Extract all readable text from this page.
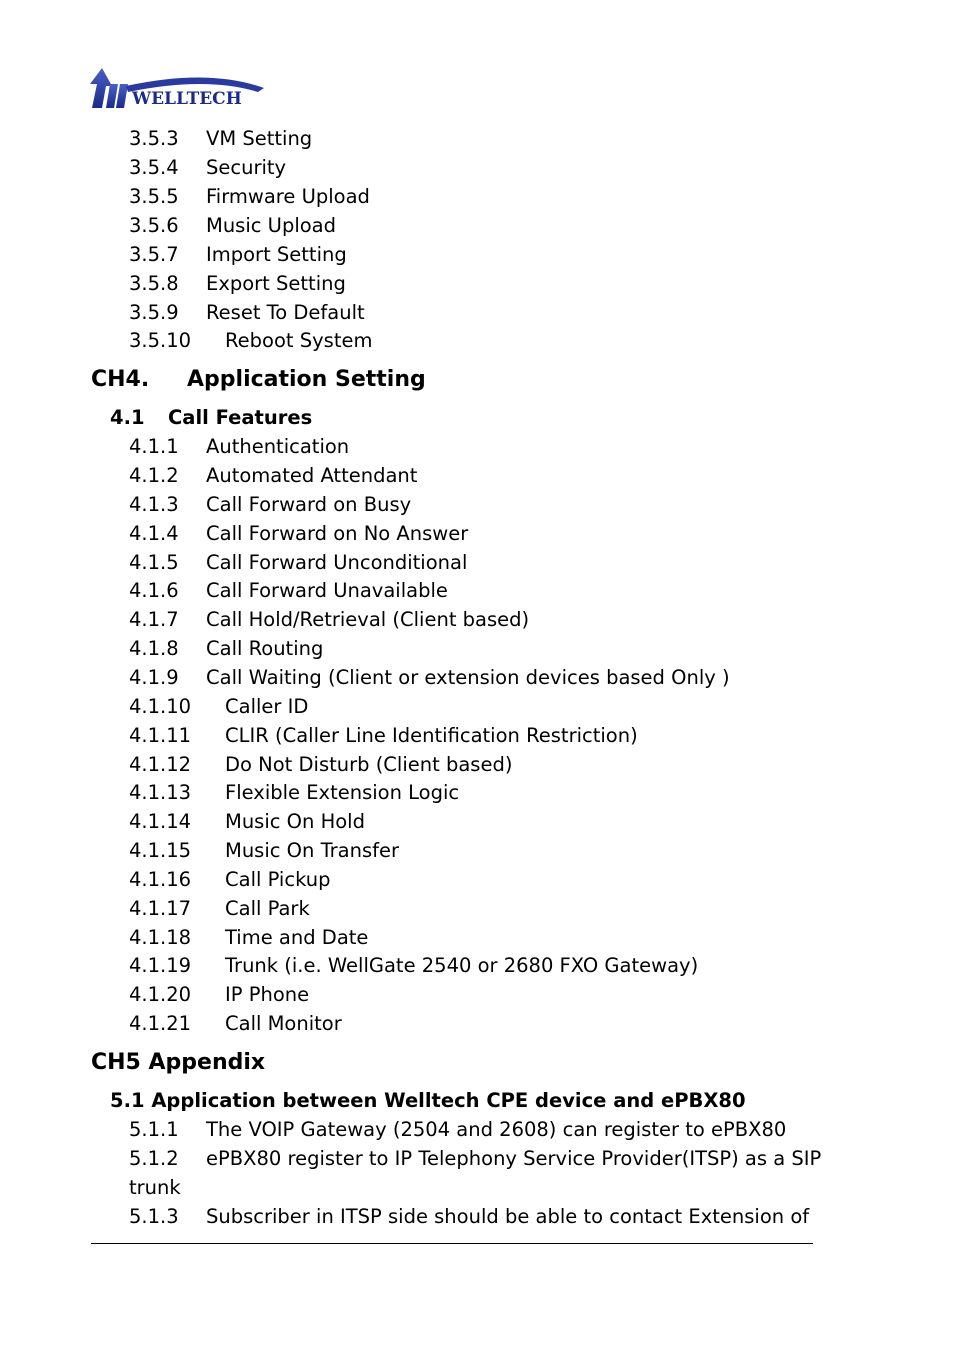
WELLTECH
3.5.3 VM Setting
3.5.4 Security
3.5.5 Firmware Upload
3.5.6 Music Upload
3.5.7 Import Setting
3.5.8 Export Setting
3.5.9 Reset To Default
3.5.10 Reboot System
CH4. Application Setting
4.1 Call Features
4.1.1 Authentication
4.1.2 Automated Attendant
4.1.3 Call Forward on Busy
4.1.4 Call Forward on No Answer
4.1.5 Call Forward Unconditional
4.1.6 Call Forward Unavailable
4.1.7 Call Hold/Retrieval (Client based)
4.1.8 Call Routing
4.1.9 Call Waiting (Client or extension devices based Only )
4.1.10 Caller ID
4.1.11 CLIR (Caller Line Identification Restriction)
4.1.12 Do Not Disturb (Client based)
4.1.13 Flexible Extension Logic
4.1.14 Music On Hold
4.1.15 Music On Transfer
4.1.16 Call Pickup
4.1.17 Call Park
4.1.18 Time and Date
4.1.19 Trunk (i.e. WellGate 2540 or 2680 FXO Gateway)
4.1.20 IP Phone
4.1.21 Call Monitor
CH5 Appendix
5.1 Application between Welltech CPE device and ePBX80
5.1.1 The VOIP Gateway (2504 and 2608) can register to ePBX80
5.1.2 ePBX80 register to IP Telephony Service Provider(ITSP) as a SIP
trunk
5.1.3 Subscriber in ITSP side should be able to contact Extension of
